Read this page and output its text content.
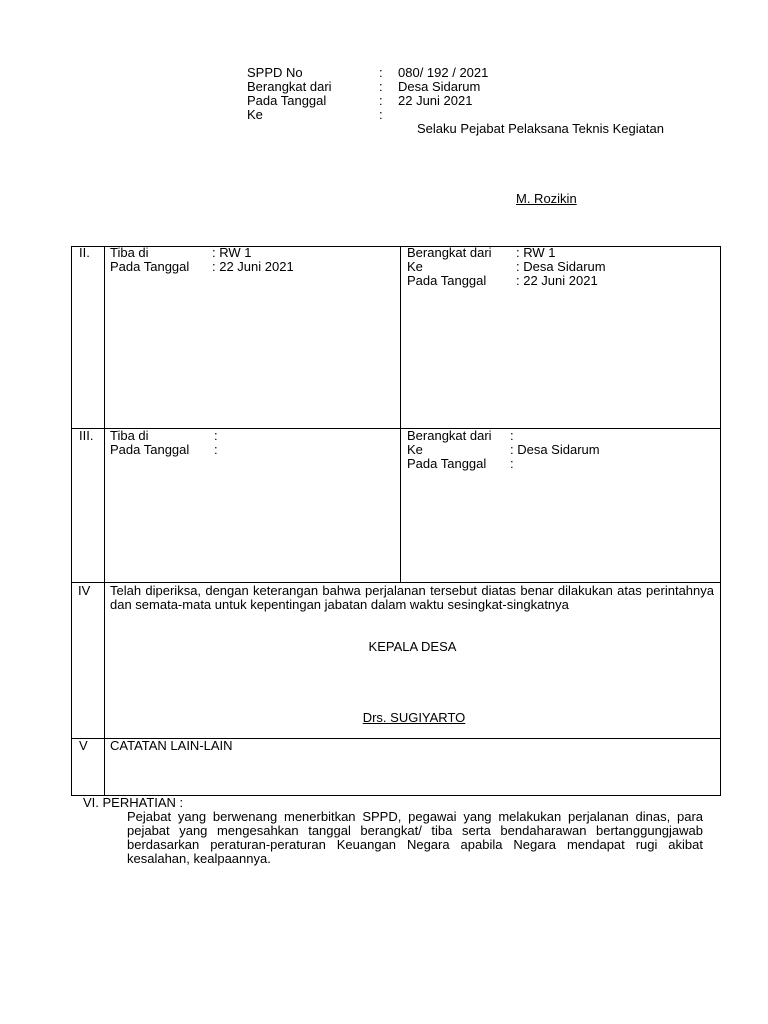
SPPD No	: 080/ 192 / 2021
Berangkat dari	: Desa Sidarum
Pada Tanggal	: 22 Juni 2021
Ke	:
Selaku Pejabat Pelaksana Teknis Kegiatan
M. Rozikin
II. Tiba di	: RW 1
Pada Tanggal : 22 Juni 2021
Berangkat dari : RW 1
Ke	: Desa Sidarum
Pada Tanggal : 22 Juni 2021
III. Tiba di	:
Pada Tanggal :
Berangkat dari :
Ke	: Desa Sidarum
Pada Tanggal :
IV Telah diperiksa, dengan keterangan bahwa perjalanan tersebut diatas benar dilakukan atas perintahnya dan semata-mata untuk kepentingan jabatan dalam waktu sesingkat-singkatnya
KEPALA DESA
Drs. SUGIYARTO
V CATATAN LAIN-LAIN
VI. PERHATIAN :
Pejabat yang berwenang menerbitkan SPPD, pegawai yang melakukan perjalanan dinas, para pejabat yang mengesahkan tanggal berangkat/ tiba serta bendaharawan bertanggungjawab berdasarkan peraturan-peraturan Keuangan Negara apabila Negara mendapat rugi akibat kesalahan, kealpaannya.
